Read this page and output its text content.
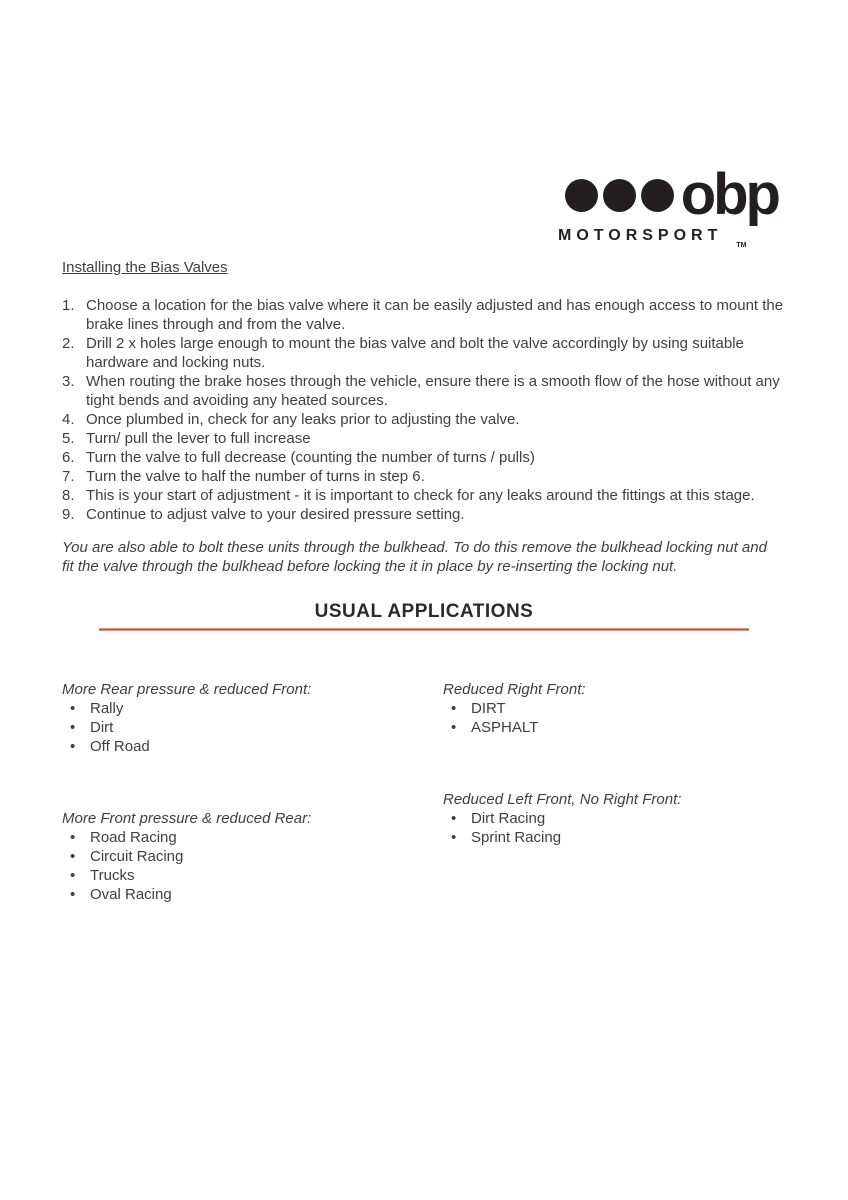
obp
MOTORSPORT
TM
Installing the Bias Valves
1. Choose a location for the bias valve where it can be easily adjusted and has enough access to mount the brake lines through and from the valve.
2. Drill 2 x holes large enough to mount the bias valve and bolt the valve accordingly by using suitable hardware and locking nuts.
3. When routing the brake hoses through the vehicle, ensure there is a smooth flow of the hose without any tight bends and avoiding any heated sources.
4. Once plumbed in, check for any leaks prior to adjusting the valve.
5. Turn/ pull the lever to full increase
6. Turn the valve to full decrease (counting the number of turns / pulls)
7. Turn the valve to half the number of turns in step 6.
8. This is your start of adjustment - it is important to check for any leaks around the fittings at this stage.
9. Continue to adjust valve to your desired pressure setting.

You are also able to bolt these units through the bulkhead. To do this remove the bulkhead locking nut and fit the valve through the bulkhead before locking the it in place by re-inserting the locking nut.

USUAL APPLICATIONS
More Rear pressure & reduced Front:
• Rally
• Dirt
• Off Road
Reduced Right Front:
• DIRT
• ASPHALT
More Front pressure & reduced Rear:
• Road Racing
• Circuit Racing
• Trucks
• Oval Racing
Reduced Left Front, No Right Front:
• Dirt Racing
• Sprint Racing
